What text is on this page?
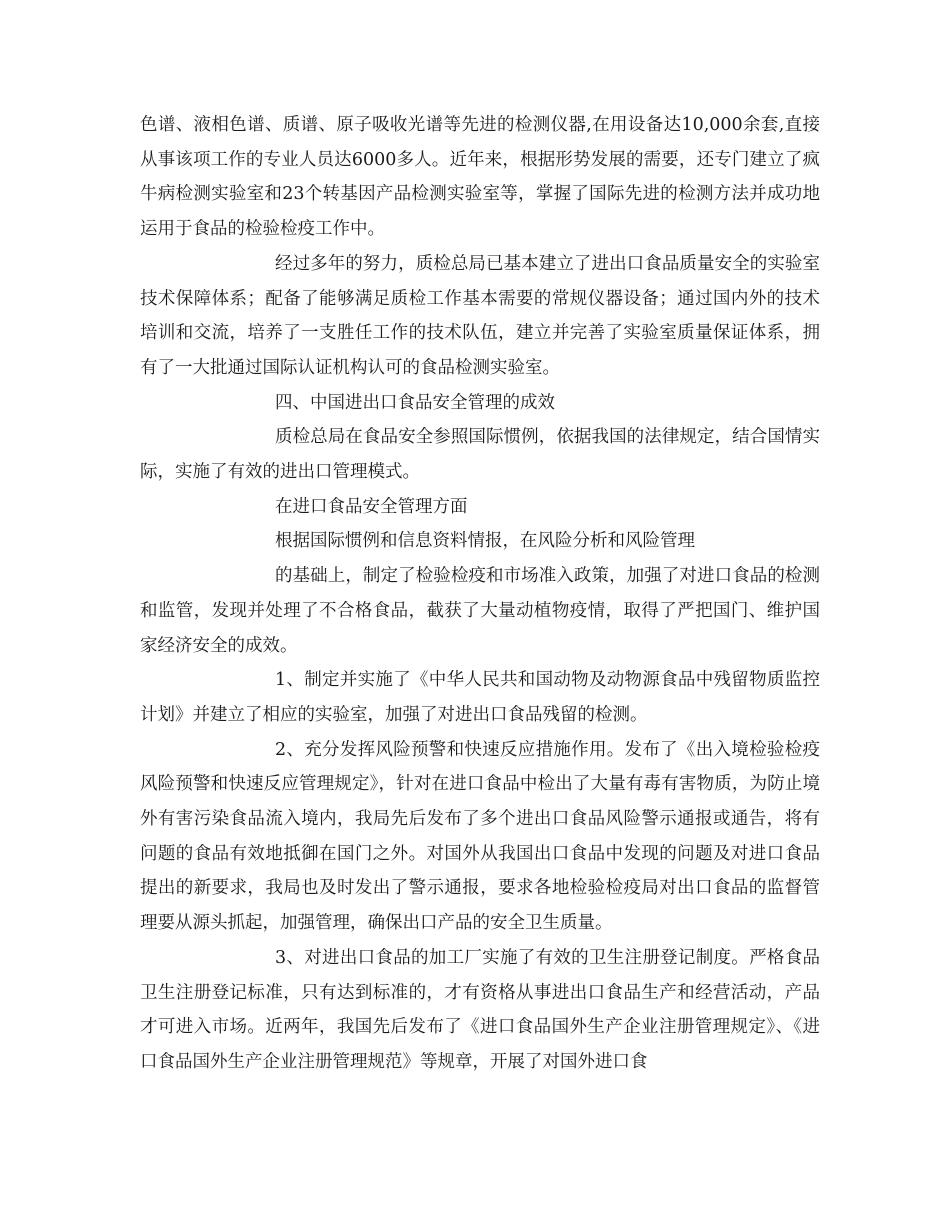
色谱、液相色谱、质谱、原子吸收光谱等先进的检测仪器,在用设备达10,000余套,直接从事该项工作的专业人员达6000多人。近年来，根据形势发展的需要，还专门建立了疯牛病检测实验室和23个转基因产品检测实验室等，掌握了国际先进的检测方法并成功地运用于食品的检验检疫工作中。

经过多年的努力，质检总局已基本建立了进出口食品质量安全的实验室技术保障体系；配备了能够满足质检工作基本需要的常规仪器设备；通过国内外的技术培训和交流，培养了一支胜任工作的技术队伍，建立并完善了实验室质量保证体系，拥有了一大批通过国际认证机构认可的食品检测实验室。

四、中国进出口食品安全管理的成效

质检总局在食品安全参照国际惯例，依据我国的法律规定，结合国情实际，实施了有效的进出口管理模式。

在进口食品安全管理方面

根据国际惯例和信息资料情报，在风险分析和风险管理

的基础上，制定了检验检疫和市场准入政策，加强了对进口食品的检测和监管，发现并处理了不合格食品，截获了大量动植物疫情，取得了严把国门、维护国家经济安全的成效。

1、制定并实施了《中华人民共和国动物及动物源食品中残留物质监控计划》并建立了相应的实验室，加强了对进出口食品残留的检测。

2、充分发挥风险预警和快速反应措施作用。发布了《出入境检验检疫风险预警和快速反应管理规定》，针对在进口食品中检出了大量有毒有害物质，为防止境外有害污染食品流入境内，我局先后发布了多个进出口食品风险警示通报或通告，将有问题的食品有效地抵御在国门之外。对国外从我国出口食品中发现的问题及对进口食品提出的新要求，我局也及时发出了警示通报，要求各地检验检疫局对出口食品的监督管理要从源头抓起，加强管理，确保出口产品的安全卫生质量。

3、对进出口食品的加工厂实施了有效的卫生注册登记制度。严格食品卫生注册登记标准，只有达到标准的，才有资格从事进出口食品生产和经营活动，产品才可进入市场。近两年，我国先后发布了《进口食品国外生产企业注册管理规定》、《进口食品国外生产企业注册管理规范》等规章，开展了对国外进口食
